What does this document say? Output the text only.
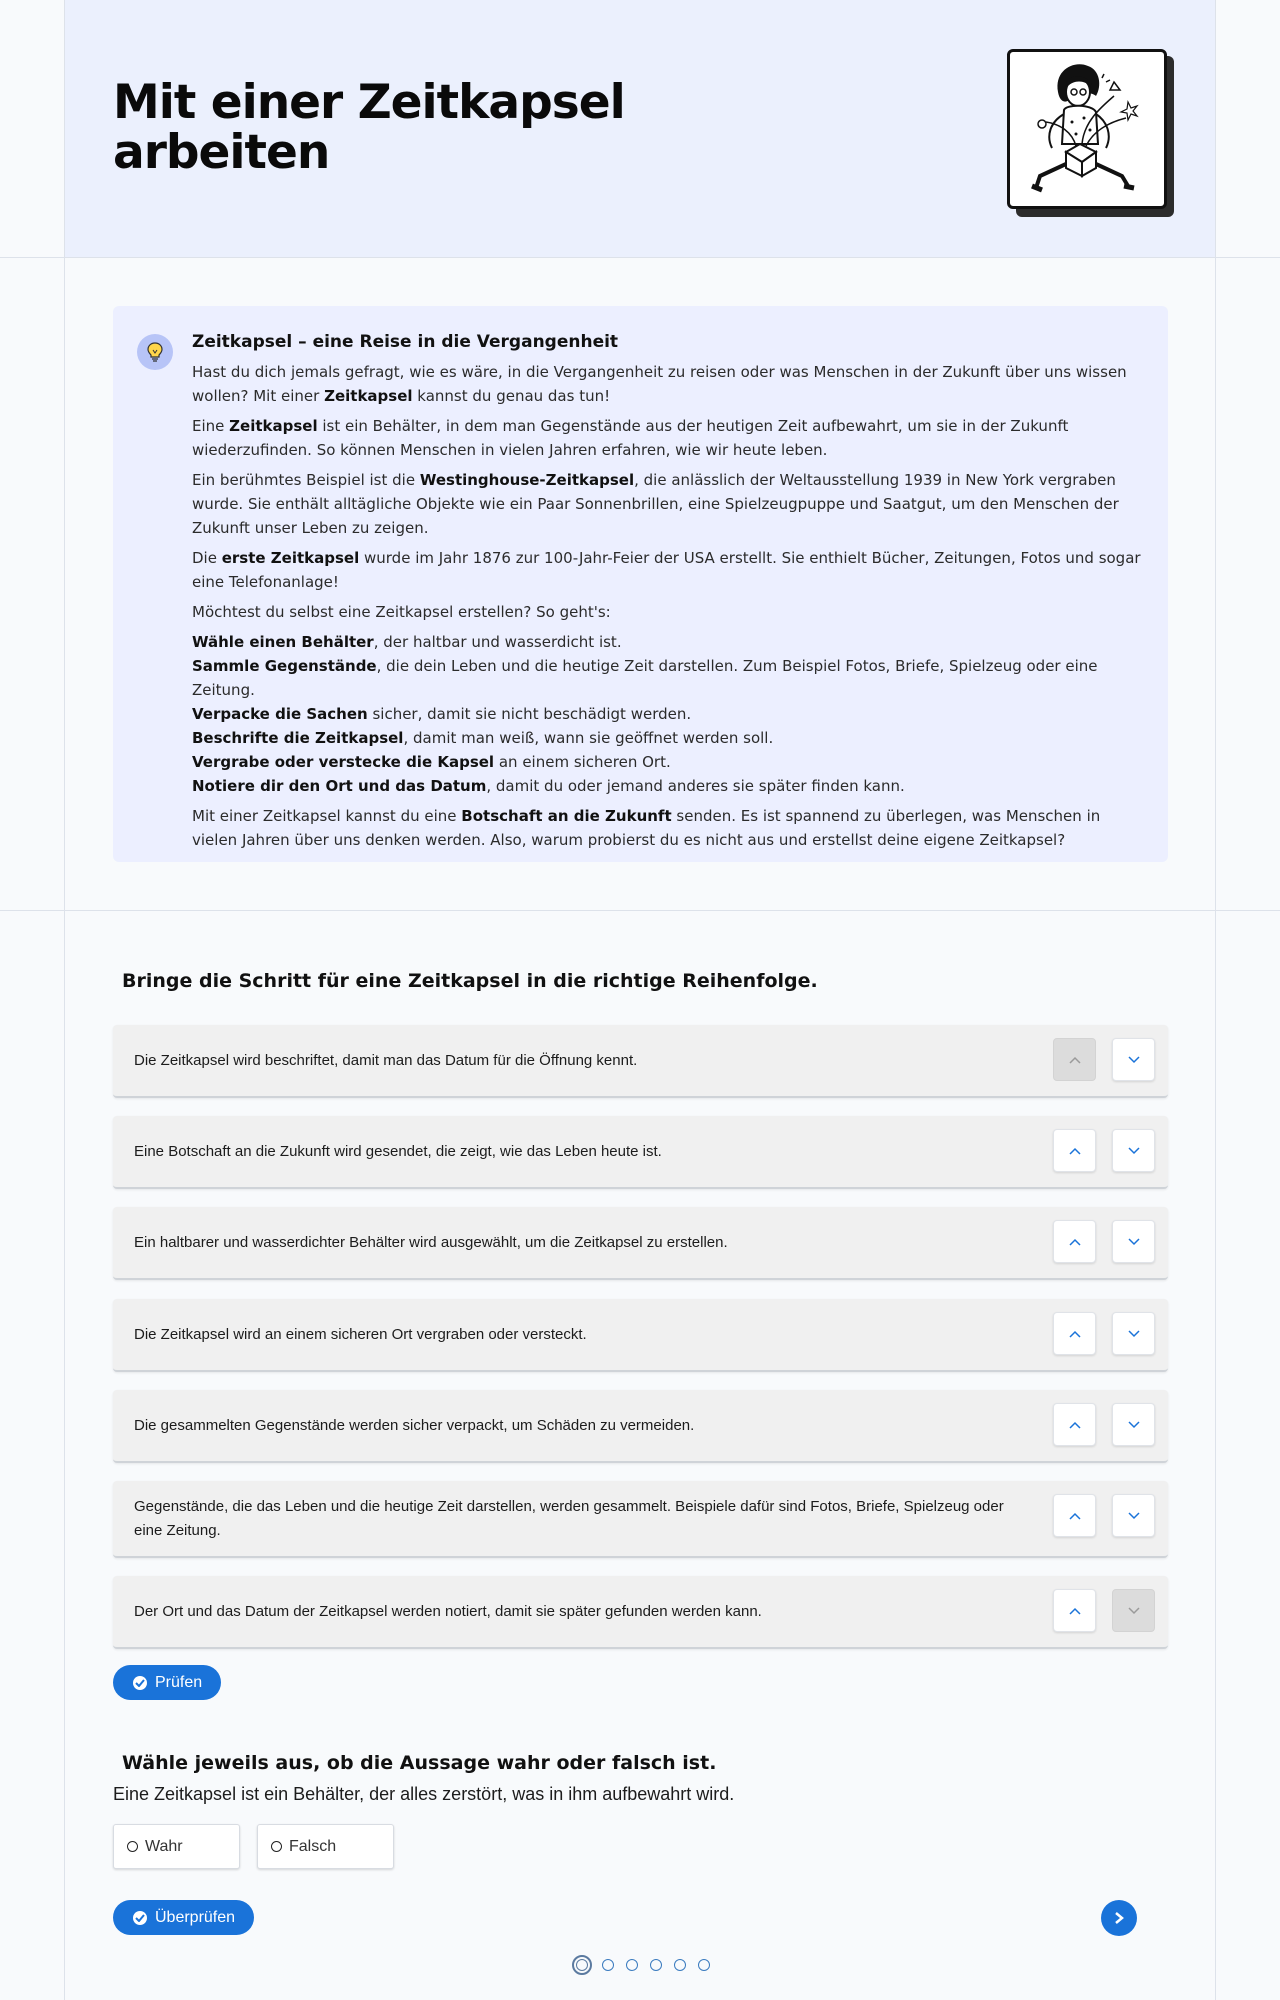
Mit einer Zeitkapsel
arbeiten
Zeitkapsel – eine Reise in die Vergangenheit

Hast du dich jemals gefragt, wie es wäre, in die Vergangenheit zu reisen oder was Menschen in der Zukunft über uns wissen wollen? Mit einer Zeitkapsel kannst du genau das tun!

Eine Zeitkapsel ist ein Behälter, in dem man Gegenstände aus der heutigen Zeit aufbewahrt, um sie in der Zukunft wiederzufinden. So können Menschen in vielen Jahren erfahren, wie wir heute leben.

Ein berühmtes Beispiel ist die Westinghouse-Zeitkapsel, die anlässlich der Weltausstellung 1939 in New York vergraben wurde. Sie enthält alltägliche Objekte wie ein Paar Sonnenbrillen, eine Spielzeugpuppe und Saatgut, um den Menschen der Zukunft unser Leben zu zeigen.

Die erste Zeitkapsel wurde im Jahr 1876 zur 100-Jahr-Feier der USA erstellt. Sie enthielt Bücher, Zeitungen, Fotos und sogar eine Telefonanlage!

Möchtest du selbst eine Zeitkapsel erstellen? So geht's:

Wähle einen Behälter, der haltbar und wasserdicht ist.
Sammle Gegenstände, die dein Leben und die heutige Zeit darstellen. Zum Beispiel Fotos, Briefe, Spielzeug oder eine Zeitung.
Verpacke die Sachen sicher, damit sie nicht beschädigt werden.
Beschrifte die Zeitkapsel, damit man weiß, wann sie geöffnet werden soll.
Vergrabe oder verstecke die Kapsel an einem sicheren Ort.
Notiere dir den Ort und das Datum, damit du oder jemand anderes sie später finden kann.

Mit einer Zeitkapsel kannst du eine Botschaft an die Zukunft senden. Es ist spannend zu überlegen, was Menschen in vielen Jahren über uns denken werden. Also, warum probierst du es nicht aus und erstellst deine eigene Zeitkapsel?

Bringe die Schritt für eine Zeitkapsel in die richtige Reihenfolge.
Die Zeitkapsel wird beschriftet, damit man das Datum für die Öffnung kennt.
Eine Botschaft an die Zukunft wird gesendet, die zeigt, wie das Leben heute ist.
Ein haltbarer und wasserdichter Behälter wird ausgewählt, um die Zeitkapsel zu erstellen.
Die Zeitkapsel wird an einem sicheren Ort vergraben oder versteckt.
Die gesammelten Gegenstände werden sicher verpackt, um Schäden zu vermeiden.
Gegenstände, die das Leben und die heutige Zeit darstellen, werden gesammelt. Beispiele dafür sind Fotos, Briefe, Spielzeug oder eine Zeitung.
Der Ort und das Datum der Zeitkapsel werden notiert, damit sie später gefunden werden kann.
Prüfen
Wähle jeweils aus, ob die Aussage wahr oder falsch ist.
Eine Zeitkapsel ist ein Behälter, der alles zerstört, was in ihm aufbewahrt wird.
Wahr	Falsch
Überprüfen
